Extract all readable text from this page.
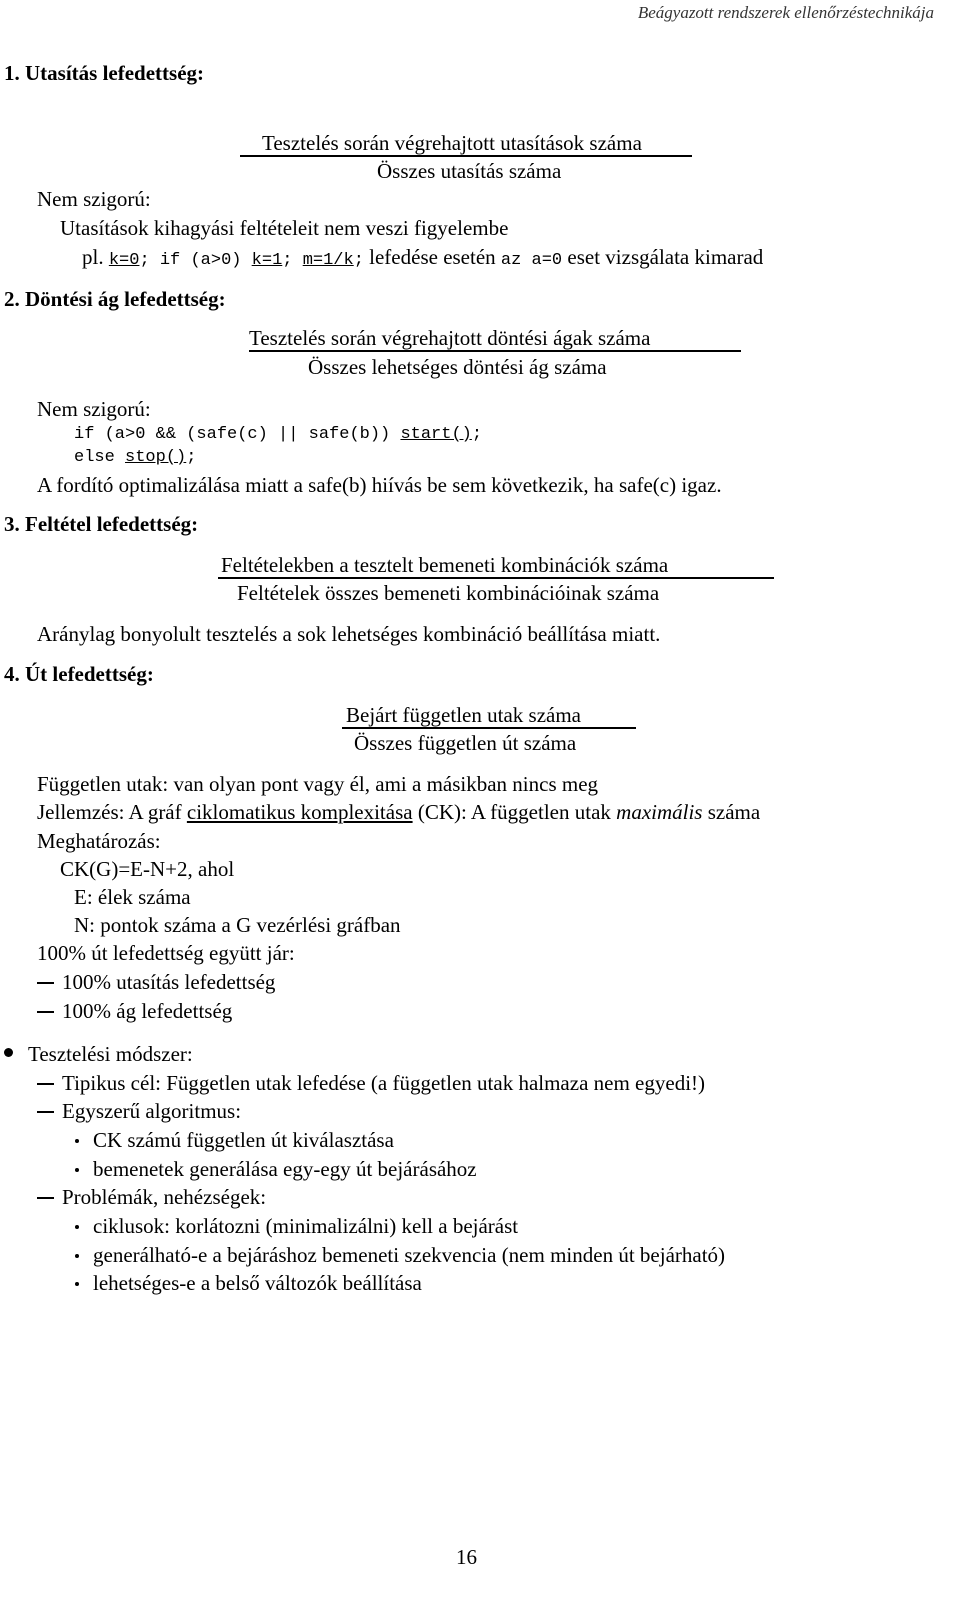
Beágyazott rendszerek ellenőrzéstechnikája
1. Utasítás lefedettség:
Tesztelés során végrehajtott utasítások száma
Összes utasítás száma
Nem szigorú:
Utasítások kihagyási feltételeit nem veszi figyelembe
pl. k=0; if (a>0) k=1; m=1/k; lefedése esetén az a=0 eset vizsgálata kimarad
2. Döntési ág lefedettség:
Tesztelés során végrehajtott döntési ágak száma
Összes lehetséges döntési ág száma
Nem szigorú:
if (a>0 && (safe(c) || safe(b)) start();
else stop();
A fordító optimalizálása miatt a safe(b) hiívás be sem következik, ha safe(c) igaz.
3. Feltétel lefedettség:
Feltételekben a tesztelt bemeneti kombinációk száma
Feltételek összes bemeneti kombinációinak száma
Aránylag bonyolult tesztelés a sok lehetséges kombináció beállítása miatt.
4. Út lefedettség:
Bejárt független utak száma
Összes független út száma
Független utak: van olyan pont vagy él, ami a másikban nincs meg
Jellemzés: A gráf ciklomatikus komplexitása (CK): A független utak maximális száma
Meghatározás:
CK(G)=E-N+2, ahol
E: élek száma
N: pontok száma a G vezérlési gráfban
100% út lefedettség együtt jár:
100% utasítás lefedettség
100% ág lefedettség
Tesztelési módszer:
Tipikus cél: Független utak lefedése (a független utak halmaza nem egyedi!)
Egyszerű algoritmus:
CK számú független út kiválasztása
bemenetek generálása egy-egy út bejárásához
Problémák, nehézségek:
ciklusok: korlátozni (minimalizálni) kell a bejárást
generálható-e a bejáráshoz bemeneti szekvencia (nem minden út bejárható)
lehetséges-e a belső változók beállítása
16
